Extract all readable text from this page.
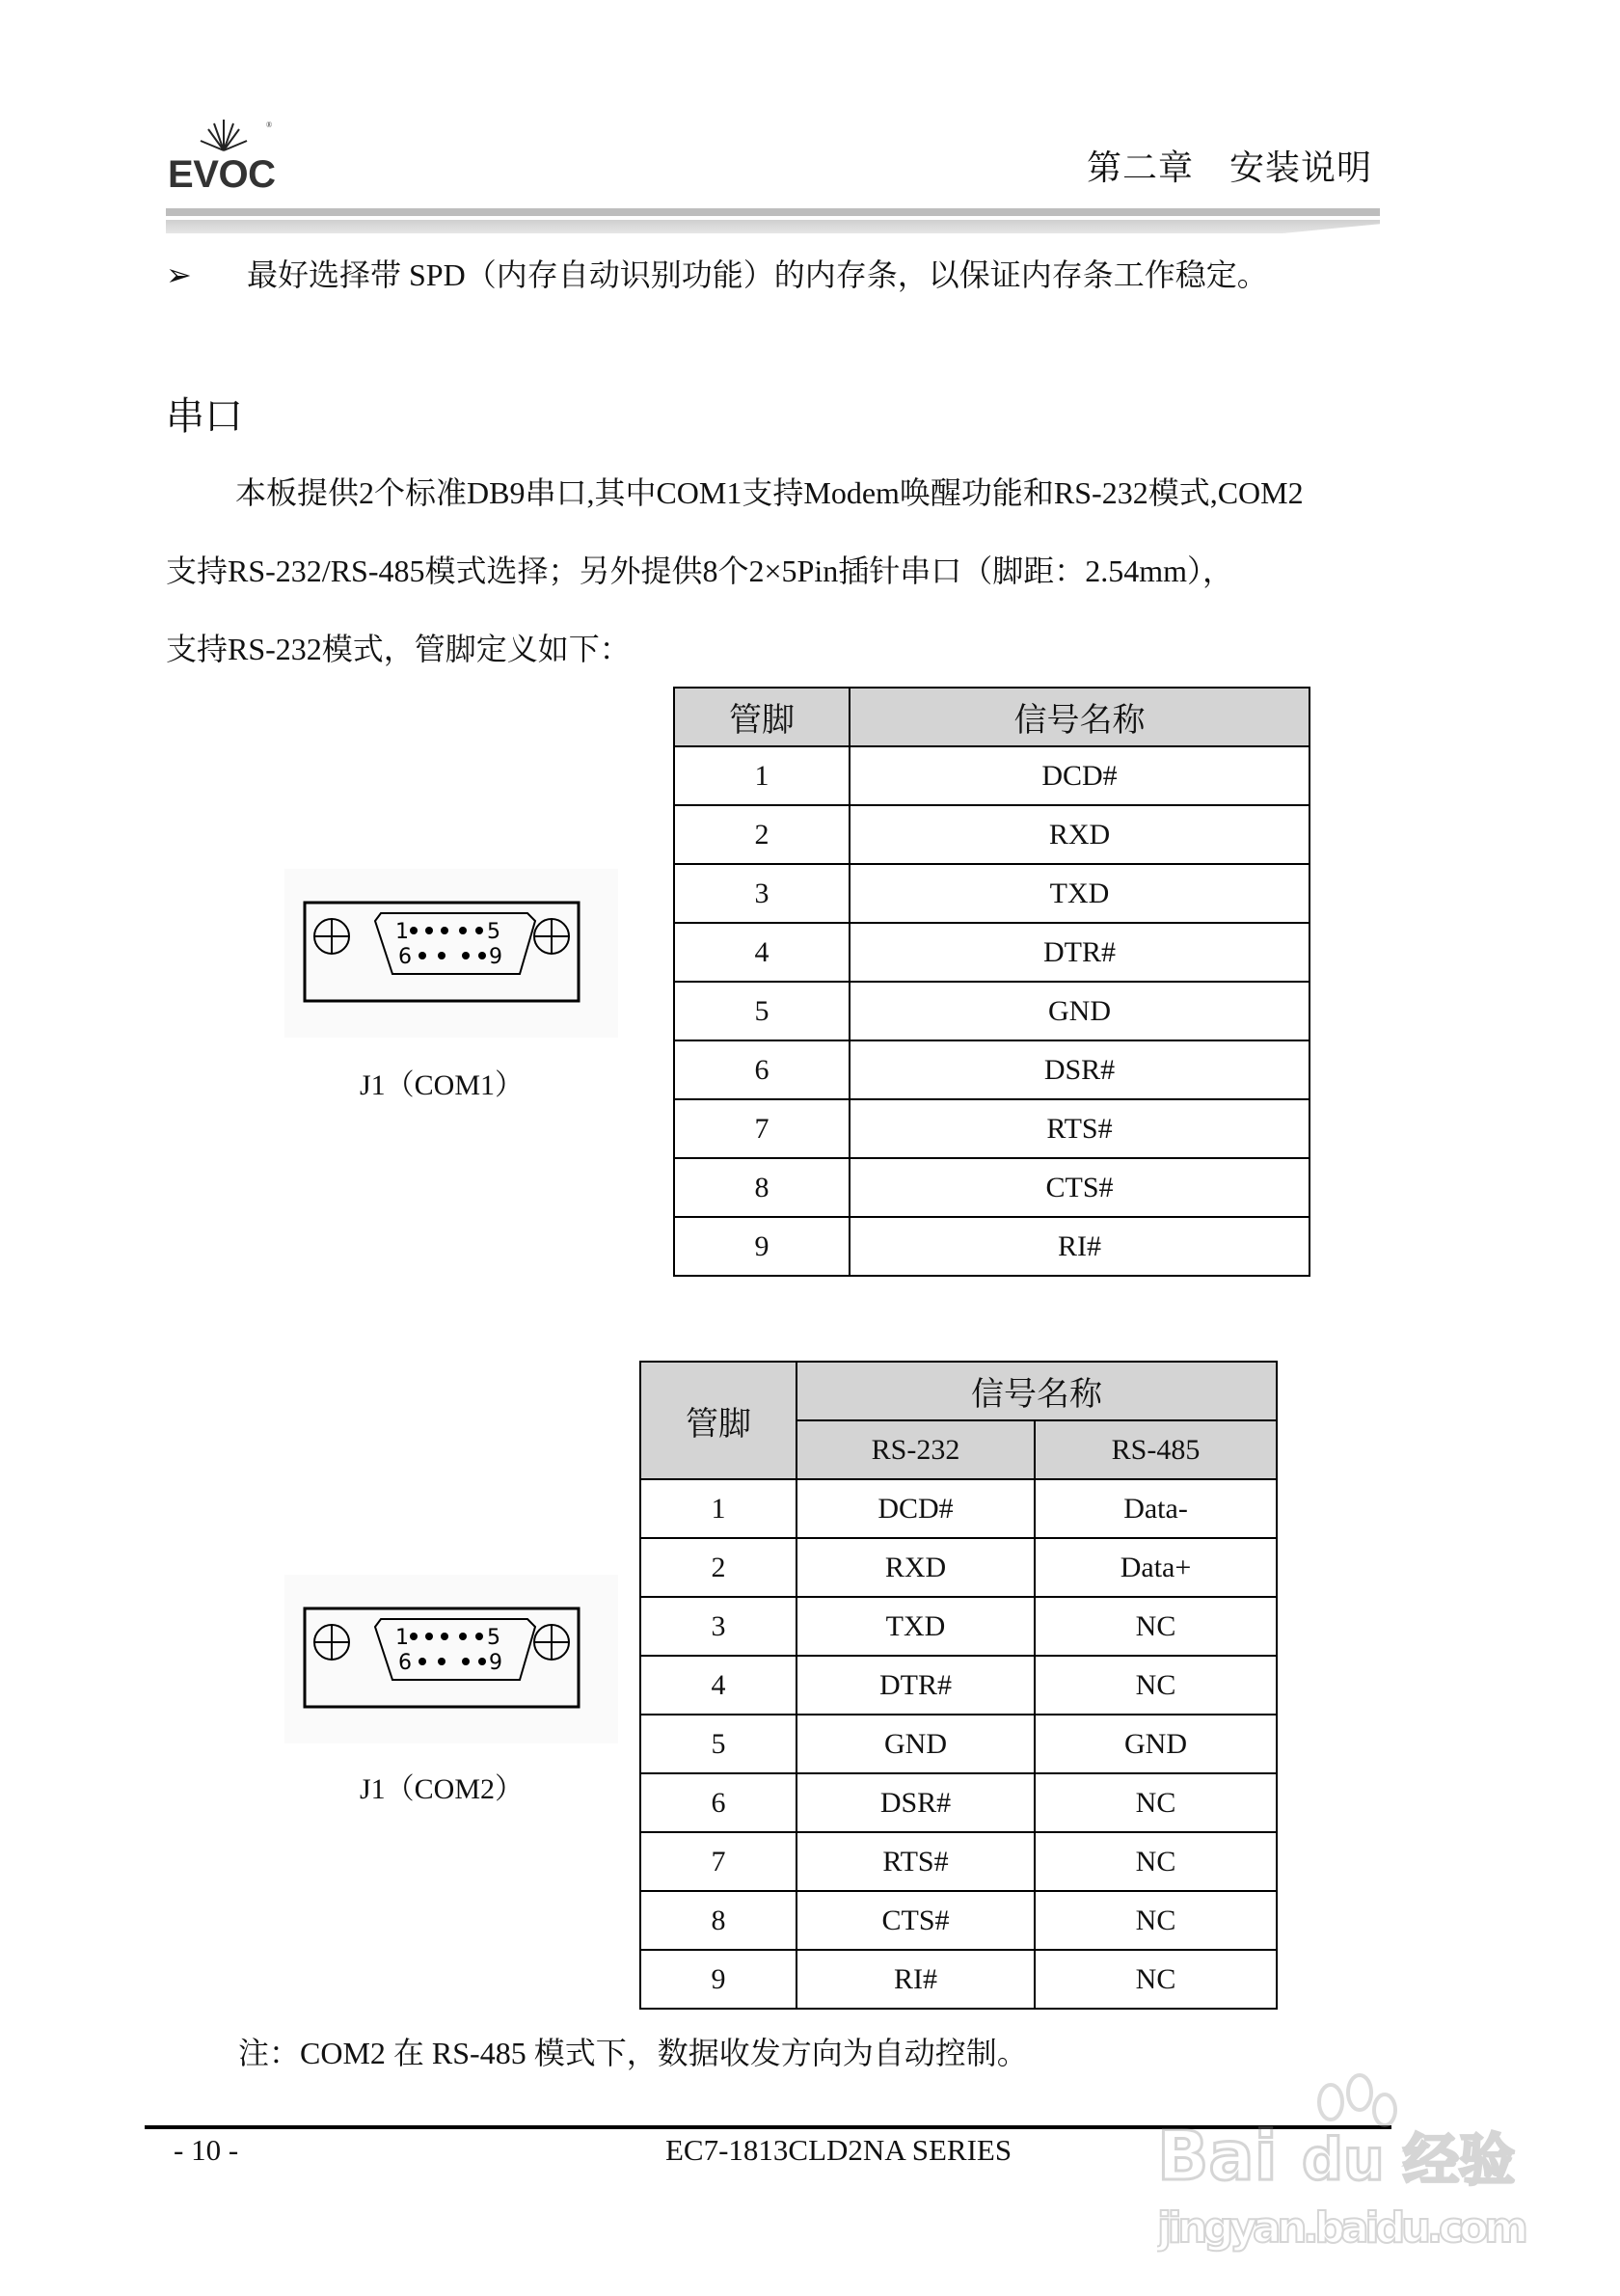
EVOC
®
第二章　安装说明
➢ 最好选择带 SPD（内存自动识别功能）的内存条，以保证内存条工作稳定。
串口
本板提供2个标准DB9串口,其中COM1支持Modem唤醒功能和RS-232模式,COM2
支持RS-232/RS-485模式选择；另外提供8个2×5Pin插针串口（脚距：2.54mm），
支持RS-232模式，管脚定义如下：
1	5
6	9
J1（COM1）
管脚	信号名称
1	DCD#
2	RXD
3	TXD
4	DTR#
5	GND
6	DSR#
7	RTS#
8	CTS#
9	RI#
1	5
6	9
J1（COM2）
管脚	信号名称	
	RS-232	RS-485
1	DCD#	Data-
2	RXD	Data+
3	TXD	NC
4	DTR#	NC
5	GND	GND
6	DSR#	NC
7	RTS#	NC
8	CTS#	NC
9	RI#	NC
注：COM2 在 RS-485 模式下，数据收发方向为自动控制。
- 10 -	EC7-1813CLD2NA SERIES Bai du 经验
jingyan.baidu.com
